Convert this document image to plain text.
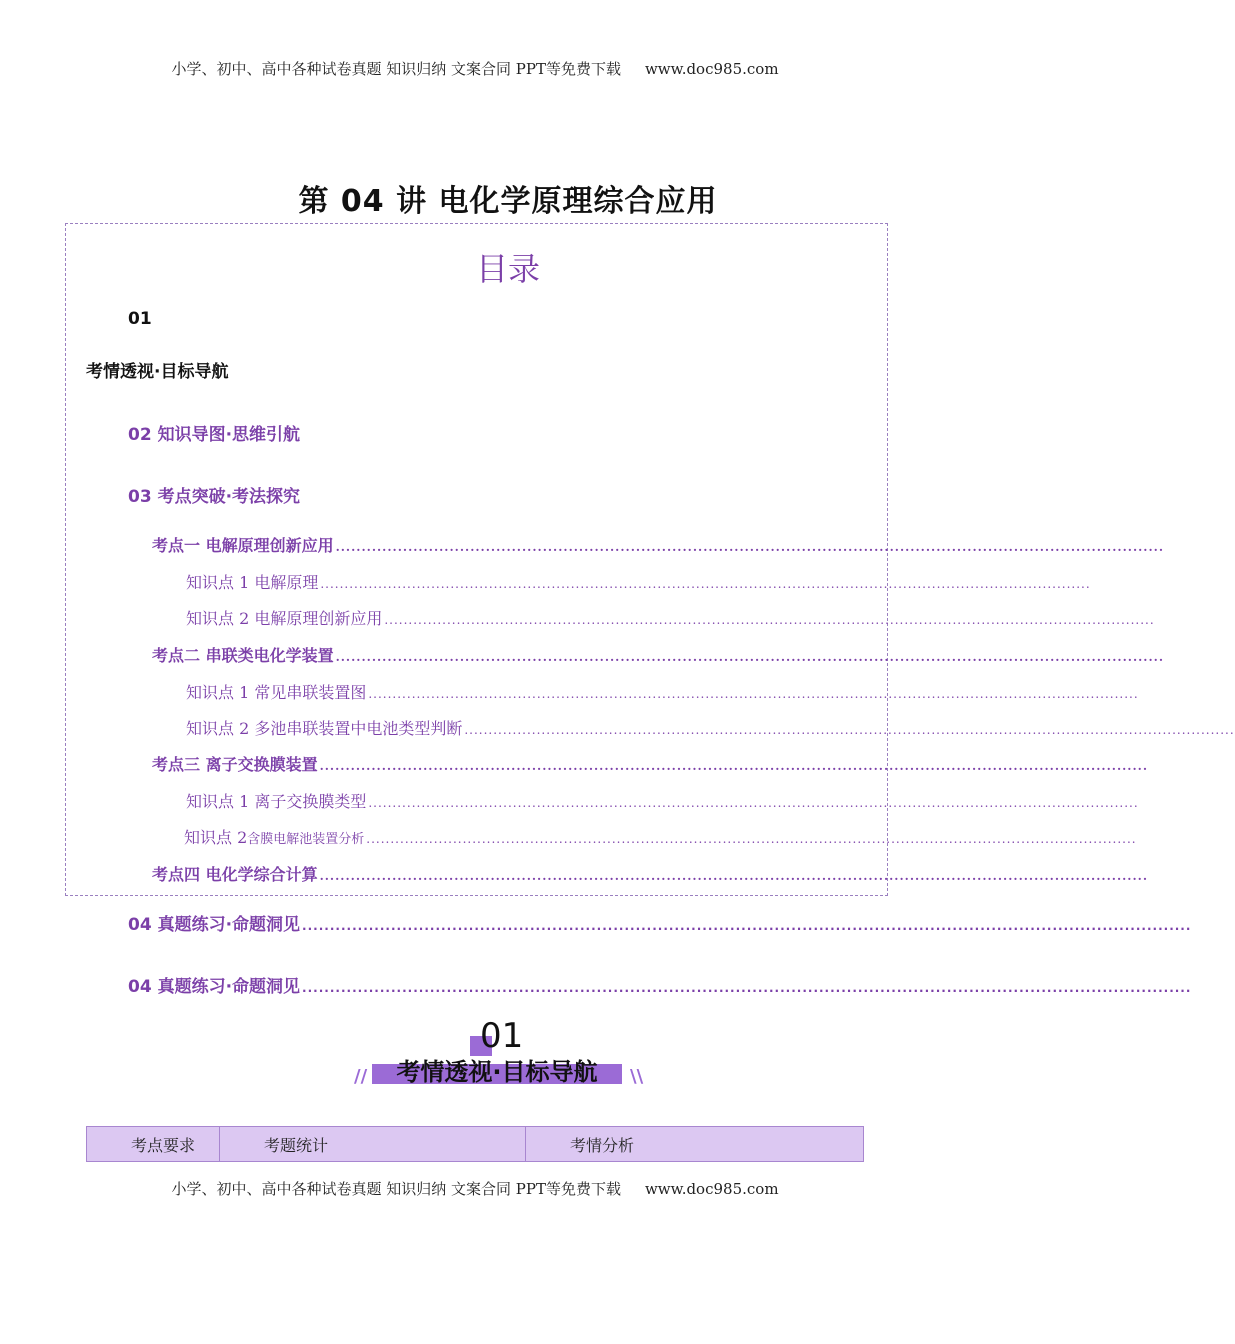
小学、初中、高中各种试卷真题 知识归纳 文案合同 PPT等免费下载 www.doc985.com
第 04 讲 电化学原理综合应用
目录
01
考情透视·目标导航
02 知识导图·思维引航
03 考点突破·考法探究
考点一 电解原理创新应用 ................................................................................................................................................................
知识点 1 电解原理 ................................................................................................................................................................
知识点 2 电解原理创新应用 ................................................................................................................................................................
考点二 串联类电化学装置 ................................................................................................................................................................
知识点 1 常见串联装置图 ................................................................................................................................................................
知识点 2 多池串联装置中电池类型判断 ................................................................................................................................................................
考点三 离子交换膜装置 ................................................................................................................................................................
知识点 1 离子交换膜类型 ................................................................................................................................................................
知识点 2 含膜电解池装置分析 ................................................................................................................................................................
考点四 电化学综合计算 ................................................................................................................................................................
04 真题练习·命题洞见 ................................................................................................................................................................
04 真题练习·命题洞见 ................................................................................................................................................................
01
//	考情透视·目标导航	\\
考点要求	考题统计	考情分析
小学、初中、高中各种试卷真题 知识归纳 文案合同 PPT等免费下载 www.doc985.com
